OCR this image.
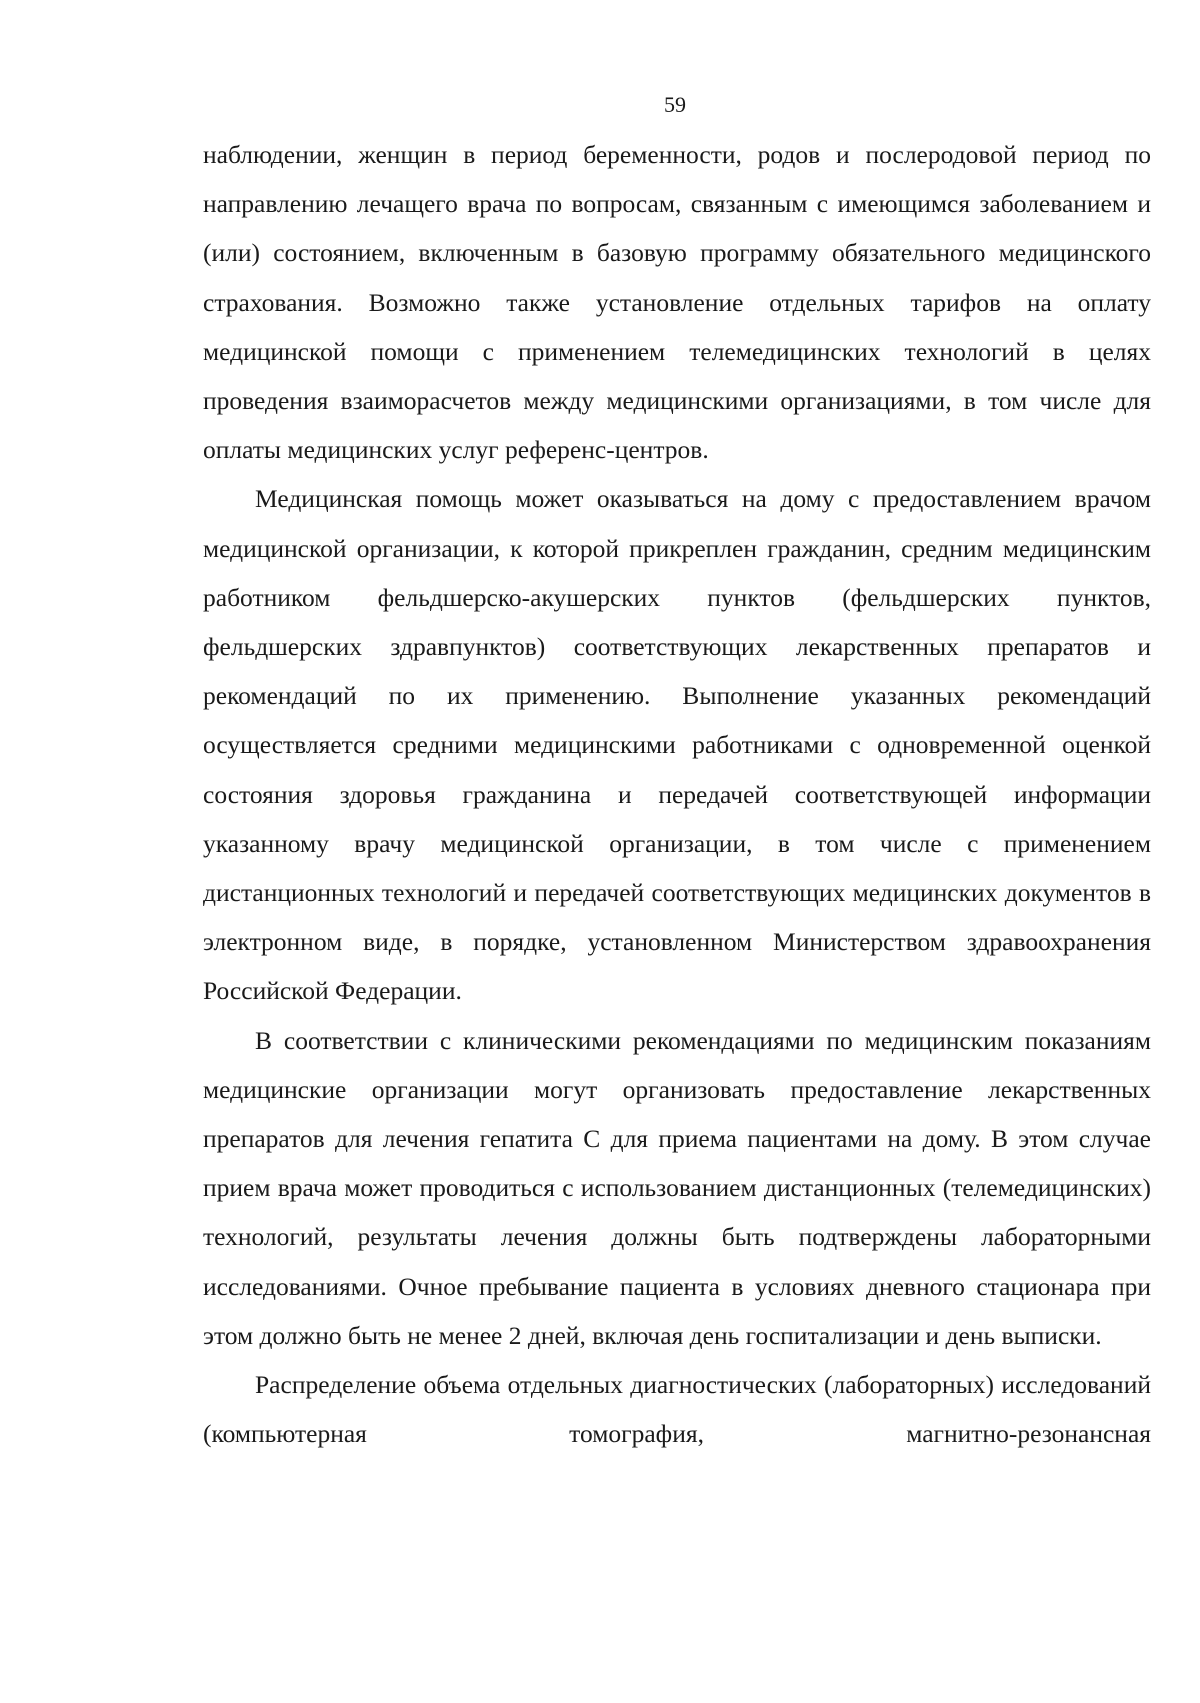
59

наблюдении, женщин в период беременности, родов и послеродовой период по направлению лечащего врача по вопросам, связанным с имеющимся заболеванием и (или) состоянием, включенным в базовую программу обязательного медицинского страхования. Возможно также установление отдельных тарифов на оплату медицинской помощи с применением телемедицинских технологий в целях проведения взаиморасчетов между медицинскими организациями, в том числе для оплаты медицинских услуг референс-центров.

Медицинская помощь может оказываться на дому с предоставлением врачом медицинской организации, к которой прикреплен гражданин, средним медицинским работником фельдшерско-акушерских пунктов (фельдшерских пунктов, фельдшерских здравпунктов) соответствующих лекарственных препаратов и рекомендаций по их применению. Выполнение указанных рекомендаций осуществляется средними медицинскими работниками с одновременной оценкой состояния здоровья гражданина и передачей соответствующей информации указанному врачу медицинской организации, в том числе с применением дистанционных технологий и передачей соответствующих медицинских документов в электронном виде, в порядке, установленном Министерством здравоохранения Российской Федерации.

В соответствии с клиническими рекомендациями по медицинским показаниям медицинские организации могут организовать предоставление лекарственных препаратов для лечения гепатита С для приема пациентами на дому. В этом случае прием врача может проводиться с использованием дистанционных (телемедицинских) технологий, результаты лечения должны быть подтверждены лабораторными исследованиями. Очное пребывание пациента в условиях дневного стационара при этом должно быть не менее 2 дней, включая день госпитализации и день выписки.

Распределение объема отдельных диагностических (лабораторных) исследований (компьютерная томография, магнитно-резонансная
